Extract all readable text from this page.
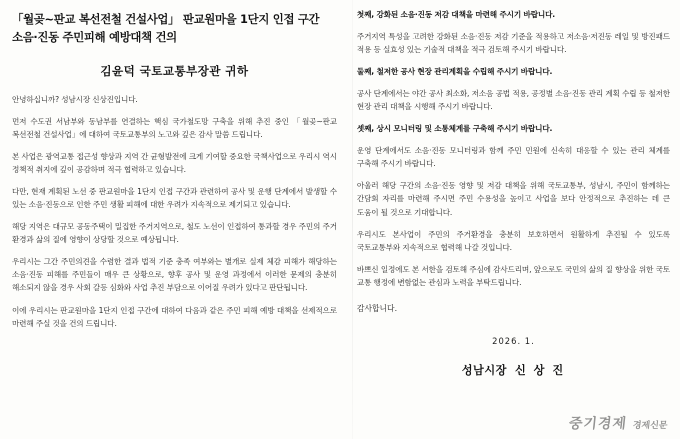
「월곶~판교 복선전철 건설사업」 판교원마을 1단지 인접 구간 소음·진동 주민피해 예방대책 건의
김윤덕 국토교통부장관 귀하

안녕하십니까? 성남시장 신상진입니다.

먼저 수도권 서남부와 동남부를 연결하는 핵심 국가철도망 구축을 위해 추진 중인 「월곶~판교 복선전철 건설사업」에 대하여 국토교통부의 노고와 깊은 감사 말씀 드립니다.

본 사업은 광역교통 접근성 향상과 지역 간 균형발전에 크게 기여할 중요한 국책사업으로 우리시 역시 정책적 취지에 깊이 공감하며 적극 협력하고 있습니다.

다만, 현재 계획된 노선 중 판교원마을 1단지 인접 구간과 관련하여 공사 및 운행 단계에서 발생할 수 있는 소음·진동으로 인한 주민 생활 피해에 대한 우려가 지속적으로 제기되고 있습니다.

해당 지역은 대규모 공동주택이 밀집한 주거지역으로, 철도 노선이 인접하여 통과할 경우 주민의 주거 환경과 삶의 질에 영향이 상당할 것으로 예상됩니다.

우리시는 그간 주민의견을 수렴한 결과 법적 기준 충족 여부와는 별개로 실제 체감 피해가 해당하는 소음·진동 피해를 주민들이 매우 큰 상황으로, 향후 공사 및 운영 과정에서 이러한 문제의 충분히 해소되지 않을 경우 사회 갈등 심화와 사업 추진 부담으로 이어질 우려가 있다고 판단됩니다.

이에 우리시는 판교원마을 1단지 인접 구간에 대하여 다음과 같은 주민 피해 예방 대책을 선제적으로 마련해 주실 것을 건의 드립니다.

첫째, 강화된 소음·진동 저감 대책을 마련해 주시기 바랍니다.

주거지역 특성을 고려한 강화된 소음·진동 저감 기준을 적용하고 저소음·저진동 레일 및 방진패드 적용 등 실효성 있는 기술적 대책을 적극 검토해 주시기 바랍니다.

둘째, 철저한 공사 현장 관리계획을 수립해 주시기 바랍니다.

공사 단계에서는 야간 공사 최소화, 저소음 공법 적용, 공정별 소음·진동 관리 계획 수립 등 철저한 현장 관리 대책을 시행해 주시기 바랍니다.

셋째, 상시 모니터링 및 소통체계를 구축해 주시기 바랍니다.

운영 단계에서도 소음·진동 모니터링과 함께 주민 민원에 신속히 대응할 수 있는 관리 체계를 구축해 주시기 바랍니다.

아울러 해당 구간의 소음·진동 영향 및 저감 대책을 위해 국토교통부, 성남시, 주민이 함께하는 간담회 자리를 마련해 주시면 주민 수용성을 높이고 사업을 보다 안정적으로 추진하는 데 큰 도움이 될 것으로 기대합니다.

우리시도 본사업이 주민의 주거환경을 충분히 보호하면서 원활하게 추진될 수 있도록 국토교통부와 지속적으로 협력해 나갈 것입니다.

바쁘신 일정에도 본 서한을 검토해 주심에 감사드리며, 앞으로도 국민의 삶의 질 향상을 위한 국토 교통 행정에 변함없는 관심과 노력을 부탁드립니다.

감사합니다.
2026. 1.
성남시장 신 상 진
중기경제 경제신문
